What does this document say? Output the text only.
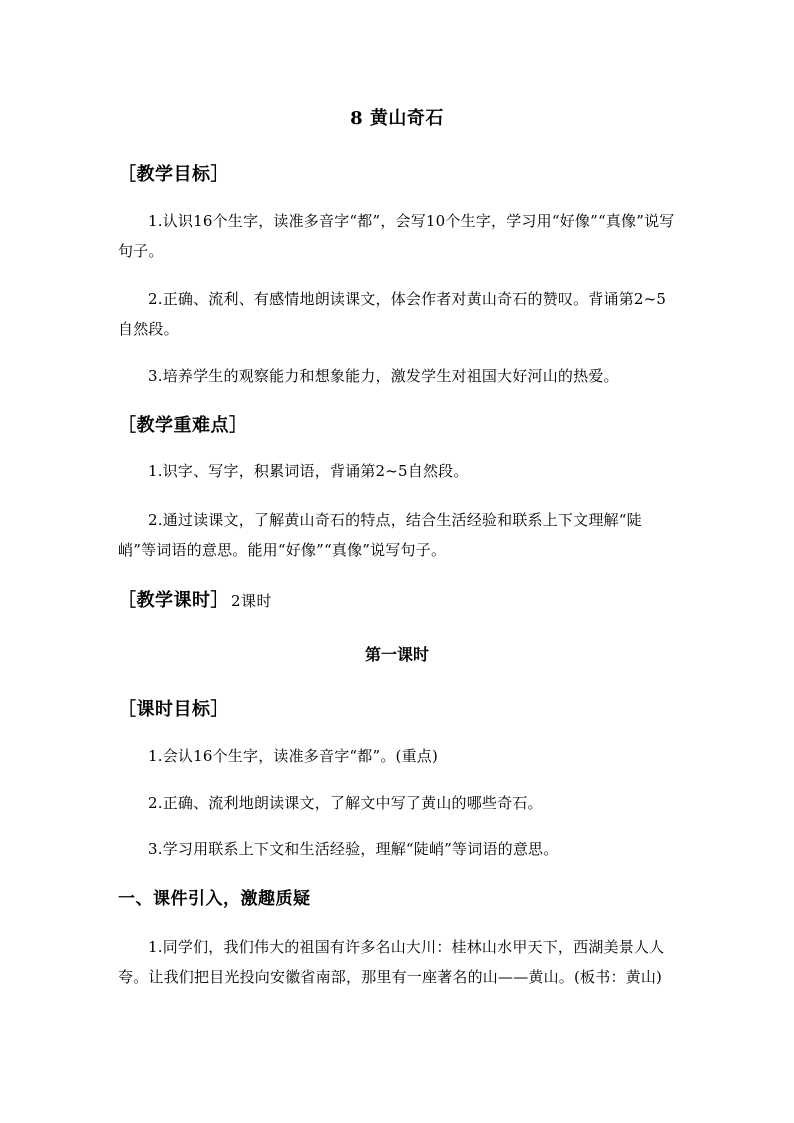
8 黄山奇石
［教学目标］
1.认识16个生字，读准多音字“都”，会写10个生字，学习用“好像”“真像”说写句子。
2.正确、流利、有感情地朗读课文，体会作者对黄山奇石的赞叹。背诵第2~5自然段。
3.培养学生的观察能力和想象能力，激发学生对祖国大好河山的热爱。
［教学重难点］
1.识字、写字，积累词语，背诵第2~5自然段。
2.通过读课文，了解黄山奇石的特点，结合生活经验和联系上下文理解“陡峭”等词语的意思。能用“好像”“真像”说写句子。
［教学课时］ 2课时
第一课时
［课时目标］
1.会认16个生字，读准多音字“都”。(重点)
2.正确、流利地朗读课文，了解文中写了黄山的哪些奇石。
3.学习用联系上下文和生活经验，理解“陡峭”等词语的意思。
一、课件引入，激趣质疑
1.同学们，我们伟大的祖国有许多名山大川：桂林山水甲天下，西湖美景人人夸。让我们把目光投向安徽省南部，那里有一座著名的山——黄山。(板书：黄山)
